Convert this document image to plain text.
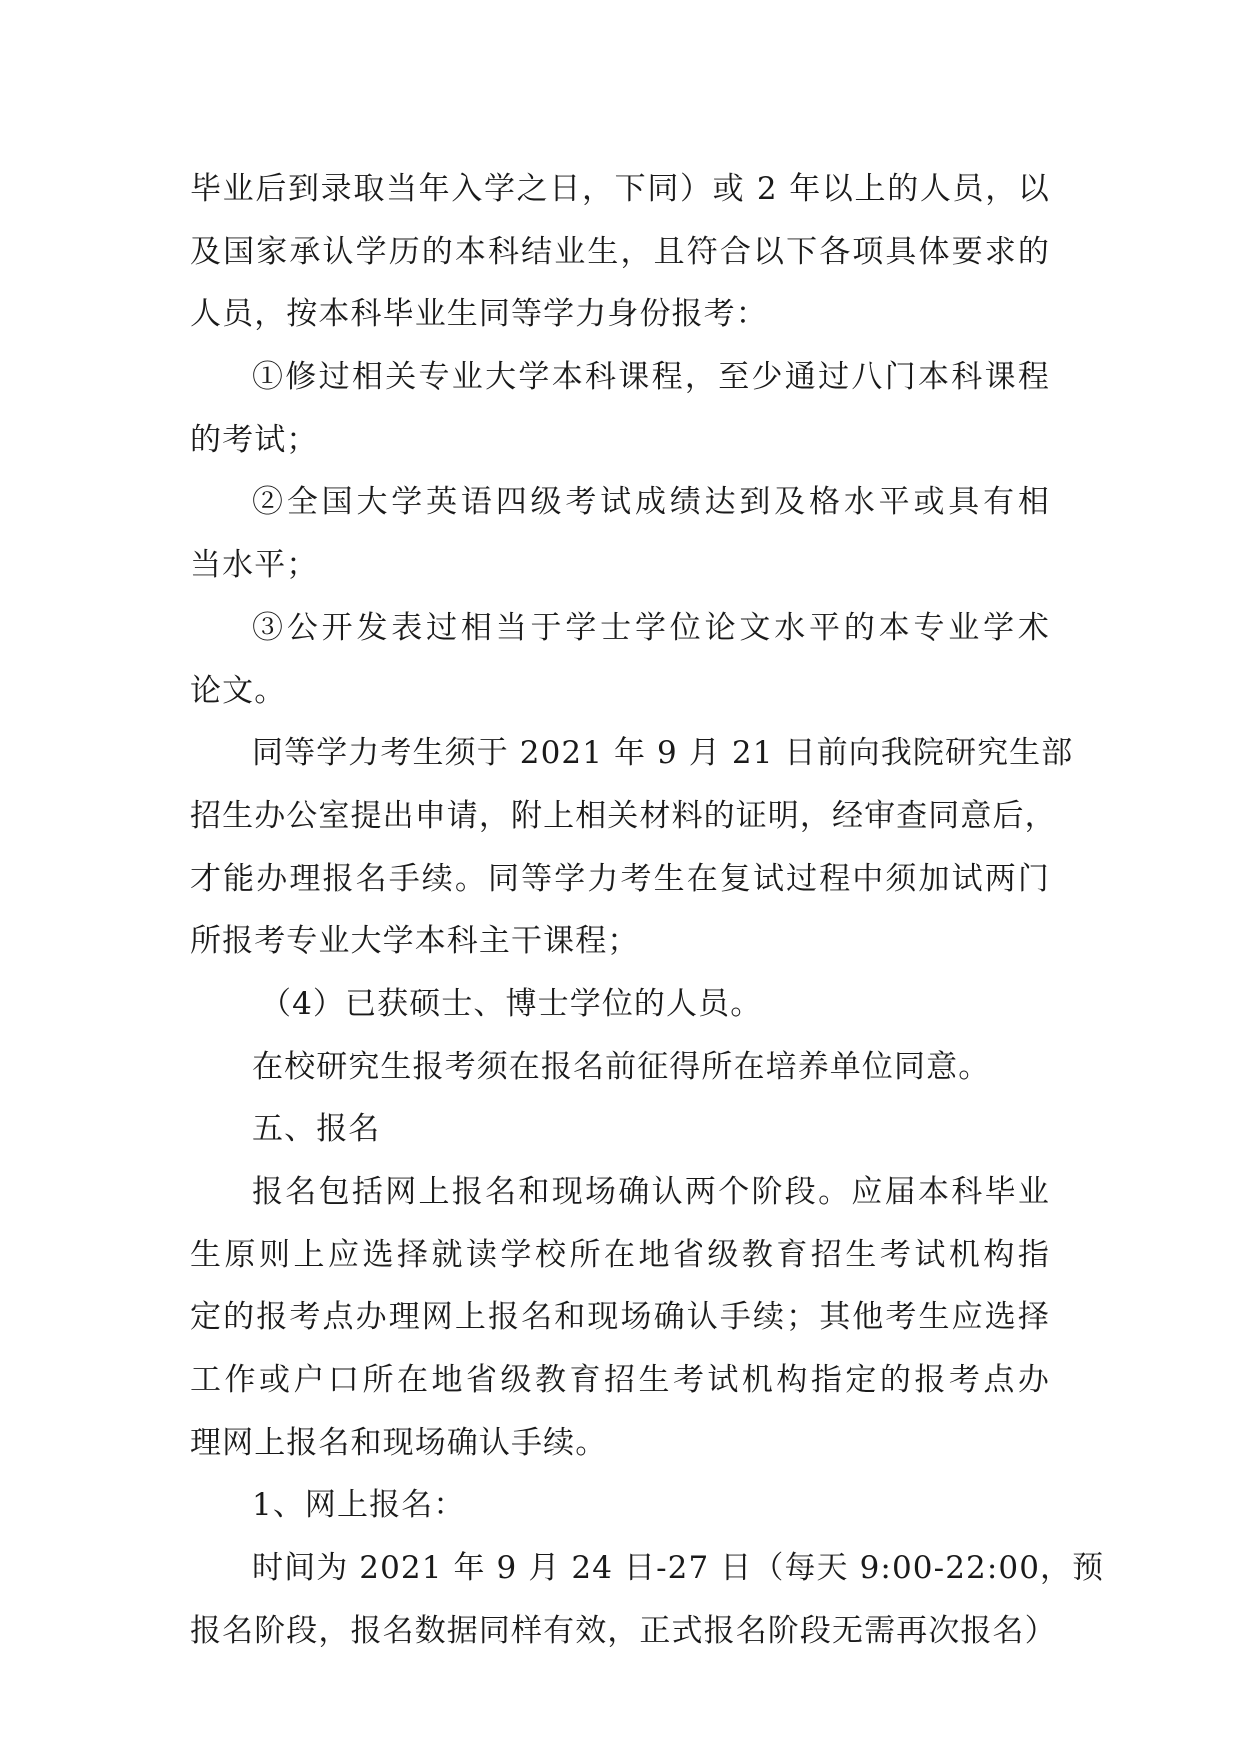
毕业后到录取当年入学之日，下同）或 2 年以上的人员，以
及国家承认学历的本科结业生，且符合以下各项具体要求的
人员，按本科毕业生同等学力身份报考：
①修过相关专业大学本科课程，至少通过八门本科课程
的考试；
②全国大学英语四级考试成绩达到及格水平或具有相
当水平；
③公开发表过相当于学士学位论文水平的本专业学术
论文。
同等学力考生须于 2021 年 9 月 21 日前向我院研究生部
招生办公室提出申请，附上相关材料的证明，经审查同意后，
才能办理报名手续。同等学力考生在复试过程中须加试两门
所报考专业大学本科主干课程；
（4）已获硕士、博士学位的人员。
在校研究生报考须在报名前征得所在培养单位同意。
五、报名
报名包括网上报名和现场确认两个阶段。应届本科毕业
生原则上应选择就读学校所在地省级教育招生考试机构指
定的报考点办理网上报名和现场确认手续；其他考生应选择
工作或户口所在地省级教育招生考试机构指定的报考点办
理网上报名和现场确认手续。
1、网上报名：
时间为 2021 年 9 月 24 日-27 日（每天 9:00-22:00，预
报名阶段，报名数据同样有效，正式报名阶段无需再次报名）
